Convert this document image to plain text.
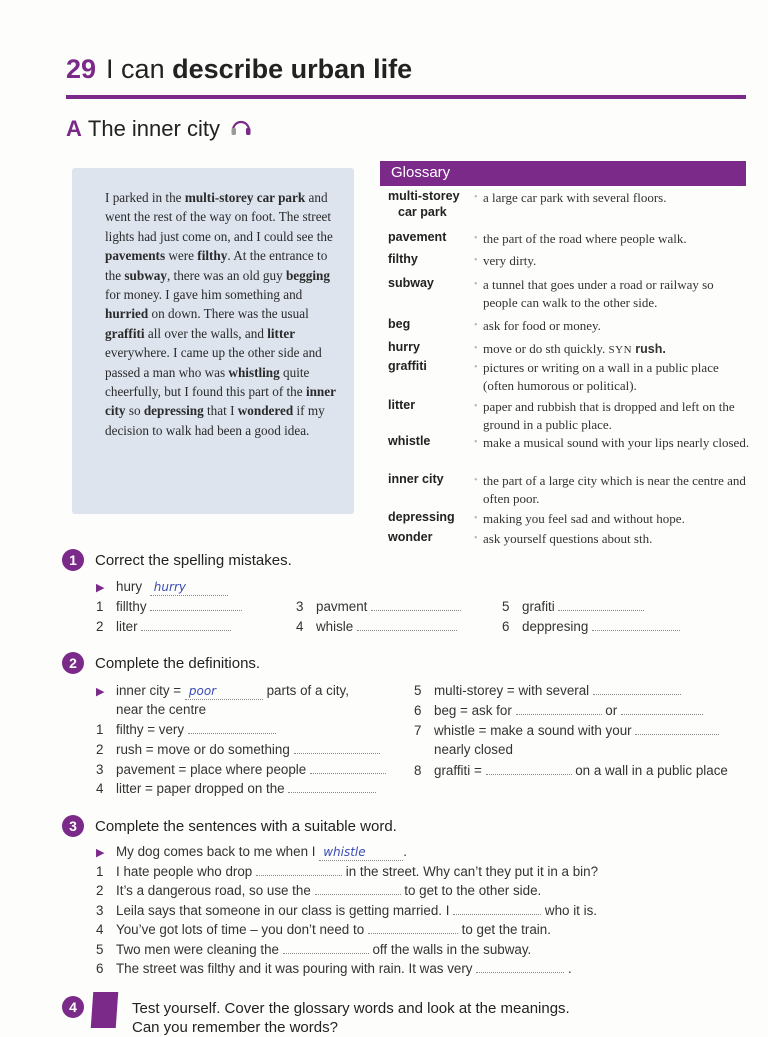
29 I can describe urban life
A The inner city
I parked in the multi-storey car park and went the rest of the way on foot. The street lights had just come on, and I could see the pavements were filthy. At the entrance to the subway, there was an old guy begging for money. I gave him something and hurried on down. There was the usual graffiti all over the walls, and litter everywhere. I came up the other side and passed a man who was whistling quite cheerfully, but I found this part of the inner city so depressing that I wondered if my decision to walk had been a good idea.
Glossary
multi-storey
car park
• a large car park with several floors.
pavement	• the part of the road where people walk.
filthy	• very dirty.
subway	• a tunnel that goes under a road or railway so people can walk to the other side.
beg	• ask for food or money.
hurry	• move or do sth quickly. SYN rush.
graffiti	• pictures or writing on a wall in a public place (often humorous or political).
litter	• paper and rubbish that is dropped and left on the ground in a public place.
whistle	• make a musical sound with your lips nearly closed.
inner city	• the part of a large city which is near the centre and often poor.
depressing	• making you feel sad and without hope.
wonder	• ask yourself questions about sth.
1	Correct the spelling mistakes.
▶ hury hurry
1 fillthy
2 liter
3 pavment
4 whisle
5 grafiti
6 deppresing
2	Complete the definitions.
▶ inner city = poor	parts of a city,
near the centre
1 filthy = very
2 rush = move or do something
3 pavement = place where people
4 litter = paper dropped on the
5 multi-storey = with several
6 beg = ask for	or
7 whistle = make a sound with your
nearly closed
8 graffiti =	on a wall in a public place
3	Complete the sentences with a suitable word.
▶ My dog comes back to me when I whistle	.
1 I hate people who drop	in the street. Why can’t they put it in a bin?
2 It’s a dangerous road, so use the	to get to the other side.
3 Leila says that someone in our class is getting married. I	who it is.
4 You’ve got lots of time – you don’t need to	to get the train.
5 Two men were cleaning the	off the walls in the subway.
6 The street was filthy and it was pouring with rain. It was very	.
4	Test yourself. Cover the glossary words and look at the meanings.
Can you remember the words?
